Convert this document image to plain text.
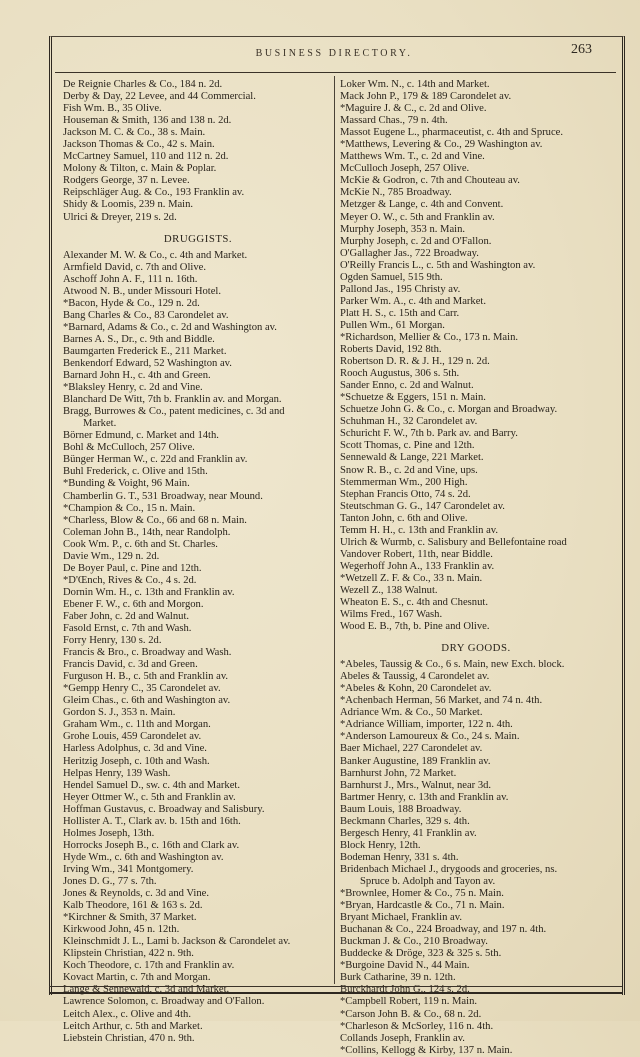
BUSINESS DIRECTORY.	263
De Reignie Charles & Co., 184 n. 2d.
Derby & Day, 22 Levee, and 44 Commercial.
Fish Wm. B., 35 Olive.
Houseman & Smith, 136 and 138 n. 2d.
Jackson M. C. & Co., 38 s. Main.
Jackson Thomas & Co., 42 s. Main.
McCartney Samuel, 110 and 112 n. 2d.
Molony & Tilton, c. Main & Poplar.
Rodgers George, 37 n. Levee.
Reipschläger Aug. & Co., 193 Franklin av.
Shidy & Loomis, 239 n. Main.
Ulrici & Dreyer, 219 s. 2d.
DRUGGISTS.
Alexander M. W. & Co., c. 4th and Market.
Armfield David, c. 7th and Olive.
Aschoff John A. F., 111 n. 16th.
Atwood N. B., under Missouri Hotel.
*Bacon, Hyde & Co., 129 n. 2d.
Bang Charles & Co., 83 Carondelet av.
*Barnard, Adams & Co., c. 2d and Washington av.
Barnes A. S., Dr., c. 9th and Biddle.
Baumgarten Frederick E., 211 Market.
Benkendorf Edward, 52 Washington av.
Barnard John H., c. 4th and Green.
*Blaksley Henry, c. 2d and Vine.
Blanchard De Witt, 7th b. Franklin av. and Morgan.
Bragg, Burrowes & Co., patent medicines, c. 3d and
Market.
Börner Edmund, c. Market and 14th.
Bohl & McCulloch, 257 Olive.
Bünger Herman W., c. 22d and Franklin av.
Buhl Frederick, c. Olive and 15th.
*Bunding & Voight, 96 Main.
Chamberlin G. T., 531 Broadway, near Mound.
*Champion & Co., 15 n. Main.
*Charless, Blow & Co., 66 and 68 n. Main.
Coleman John B., 14th, near Randolph.
Cook Wm. P., c. 6th and St. Charles.
Davie Wm., 129 n. 2d.
De Boyer Paul, c. Pine and 12th.
*D'Œnch, Rives & Co., 4 s. 2d.
Dornin Wm. H., c. 13th and Franklin av.
Ebener F. W., c. 6th and Morgon.
Faber John, c. 2d and Walnut.
Fasold Ernst, c. 7th and Wash.
Forry Henry, 130 s. 2d.
Francis & Bro., c. Broadway and Wash.
Francis David, c. 3d and Green.
Furguson H. B., c. 5th and Franklin av.
*Gempp Henry C., 35 Carondelet av.
Gleim Chas., c. 6th and Washington av.
Gordon S. J., 353 n. Main.
Graham Wm., c. 11th and Morgan.
Grohe Louis, 459 Carondelet av.
Harless Adolphus, c. 3d and Vine.
Heritzig Joseph, c. 10th and Wash.
Helpas Henry, 139 Wash.
Hendel Samuel D., sw. c. 4th and Market.
Heyer Ottmer W., c. 5th and Franklin av.
Hoffman Gustavus, c. Broadway and Salisbury.
Hollister A. T., Clark av. b. 15th and 16th.
Holmes Joseph, 13th.
Horrocks Joseph B., c. 16th and Clark av.
Hyde Wm., c. 6th and Washington av.
Irving Wm., 341 Montgomery.
Jones D. G., 77 s. 7th.
Jones & Reynolds, c. 3d and Vine.
Kalb Theodore, 161 & 163 s. 2d.
*Kirchner & Smith, 37 Market.
Kirkwood John, 45 n. 12th.
Kleinschmidt J. L., Lami b. Jackson & Carondelet av.
Klipstein Christian, 422 n. 9th.
Koch Theodore, c. 17th and Franklin av.
Kovact Martin, c. 7th and Morgan.
Lange & Sennewald, c. 3d and Market.
Lawrence Solomon, c. Broadway and O'Fallon.
Leitch Alex., c. Olive and 4th.
Leitch Arthur, c. 5th and Market.
Liebstein Christian, 470 n. 9th.
Loker Wm. N., c. 14th and Market.
Mack John P., 179 & 189 Carondelet av.
*Maguire J. & C., c. 2d and Olive.
Massard Chas., 79 n. 4th.
Massot Eugene L., pharmaceutist, c. 4th and Spruce.
*Matthews, Levering & Co., 29 Washington av.
Matthews Wm. T., c. 2d and Vine.
McCulloch Joseph, 257 Olive.
McKie & Godron, c. 7th and Chouteau av.
McKie N., 785 Broadway.
Metzger & Lange, c. 4th and Convent.
Meyer O. W., c. 5th and Franklin av.
Murphy Joseph, 353 n. Main.
Murphy Joseph, c. 2d and O'Fallon.
O'Gallagher Jas., 722 Broadway.
O'Reilly Francis L., c. 5th and Washington av.
Ogden Samuel, 515 9th.
Pallond Jas., 195 Christy av.
Parker Wm. A., c. 4th and Market.
Platt H. S., c. 15th and Carr.
Pullen Wm., 61 Morgan.
*Richardson, Mellier & Co., 173 n. Main.
Roberts David, 192 8th.
Robertson D. R. & J. H., 129 n. 2d.
Rooch Augustus, 306 s. 5th.
Sander Enno, c. 2d and Walnut.
*Schuetze & Eggers, 151 n. Main.
Schuetze John G. & Co., c. Morgan and Broadway.
Schuhman H., 32 Carondelet av.
Schuricht F. W., 7th b. Park av. and Barry.
Scott Thomas, c. Pine and 12th.
Sennewald & Lange, 221 Market.
Snow R. B., c. 2d and Vine, ups.
Stemmerman Wm., 200 High.
Stephan Francis Otto, 74 s. 2d.
Steutschman G. G., 147 Carondelet av.
Tanton John, c. 6th and Olive.
Temm H. H., c. 13th and Franklin av.
Ulrich & Wurmb, c. Salisbury and Bellefontaine road
Vandover Robert, 11th, near Biddle.
Wegerhoff John A., 133 Franklin av.
*Wetzell Z. F. & Co., 33 n. Main.
Wezell Z., 138 Walnut.
Wheaton E. S., c. 4th and Chesnut.
Wilms Fred., 167 Wash.
Wood E. B., 7th, b. Pine and Olive.
DRY GOODS.
*Abeles, Taussig & Co., 6 s. Main, new Exch. block.
Abeles & Taussig, 4 Carondelet av.
*Abeles & Kohn, 20 Carondelet av.
*Achenbach Herman, 56 Market, and 74 n. 4th.
Adriance Wm. & Co., 50 Market.
*Adriance William, importer, 122 n. 4th.
*Anderson Lamoureux & Co., 24 s. Main.
Baer Michael, 227 Carondelet av.
Banker Augustine, 189 Franklin av.
Barnhurst John, 72 Market.
Barnhurst J., Mrs., Walnut, near 3d.
Bartmer Henry, c. 13th and Franklin av.
Baum Louis, 188 Broadway.
Beckmann Charles, 329 s. 4th.
Bergesch Henry, 41 Franklin av.
Block Henry, 12th.
Bodeman Henry, 331 s. 4th.
Bridenbach Michael J., drygoods and groceries, ns.
Spruce b. Adolph and Tayon av.
*Brownlee, Homer & Co., 75 n. Main.
*Bryan, Hardcastle & Co., 71 n. Main.
Bryant Michael, Franklin av.
Buchanan & Co., 224 Broadway, and 197 n. 4th.
Buckman J. & Co., 210 Broadway.
Buddecke & Dröge, 323 & 325 s. 5th.
*Burgoine David N., 44 Main.
Burk Catharine, 39 n. 12th.
Burckhardt John G., 124 s. 2d.
*Campbell Robert, 119 n. Main.
*Carson John B. & Co., 68 n. 2d.
*Charleson & McSorley, 116 n. 4th.
Collands Joseph, Franklin av.
*Collins, Kellogg & Kirby, 137 n. Main.
